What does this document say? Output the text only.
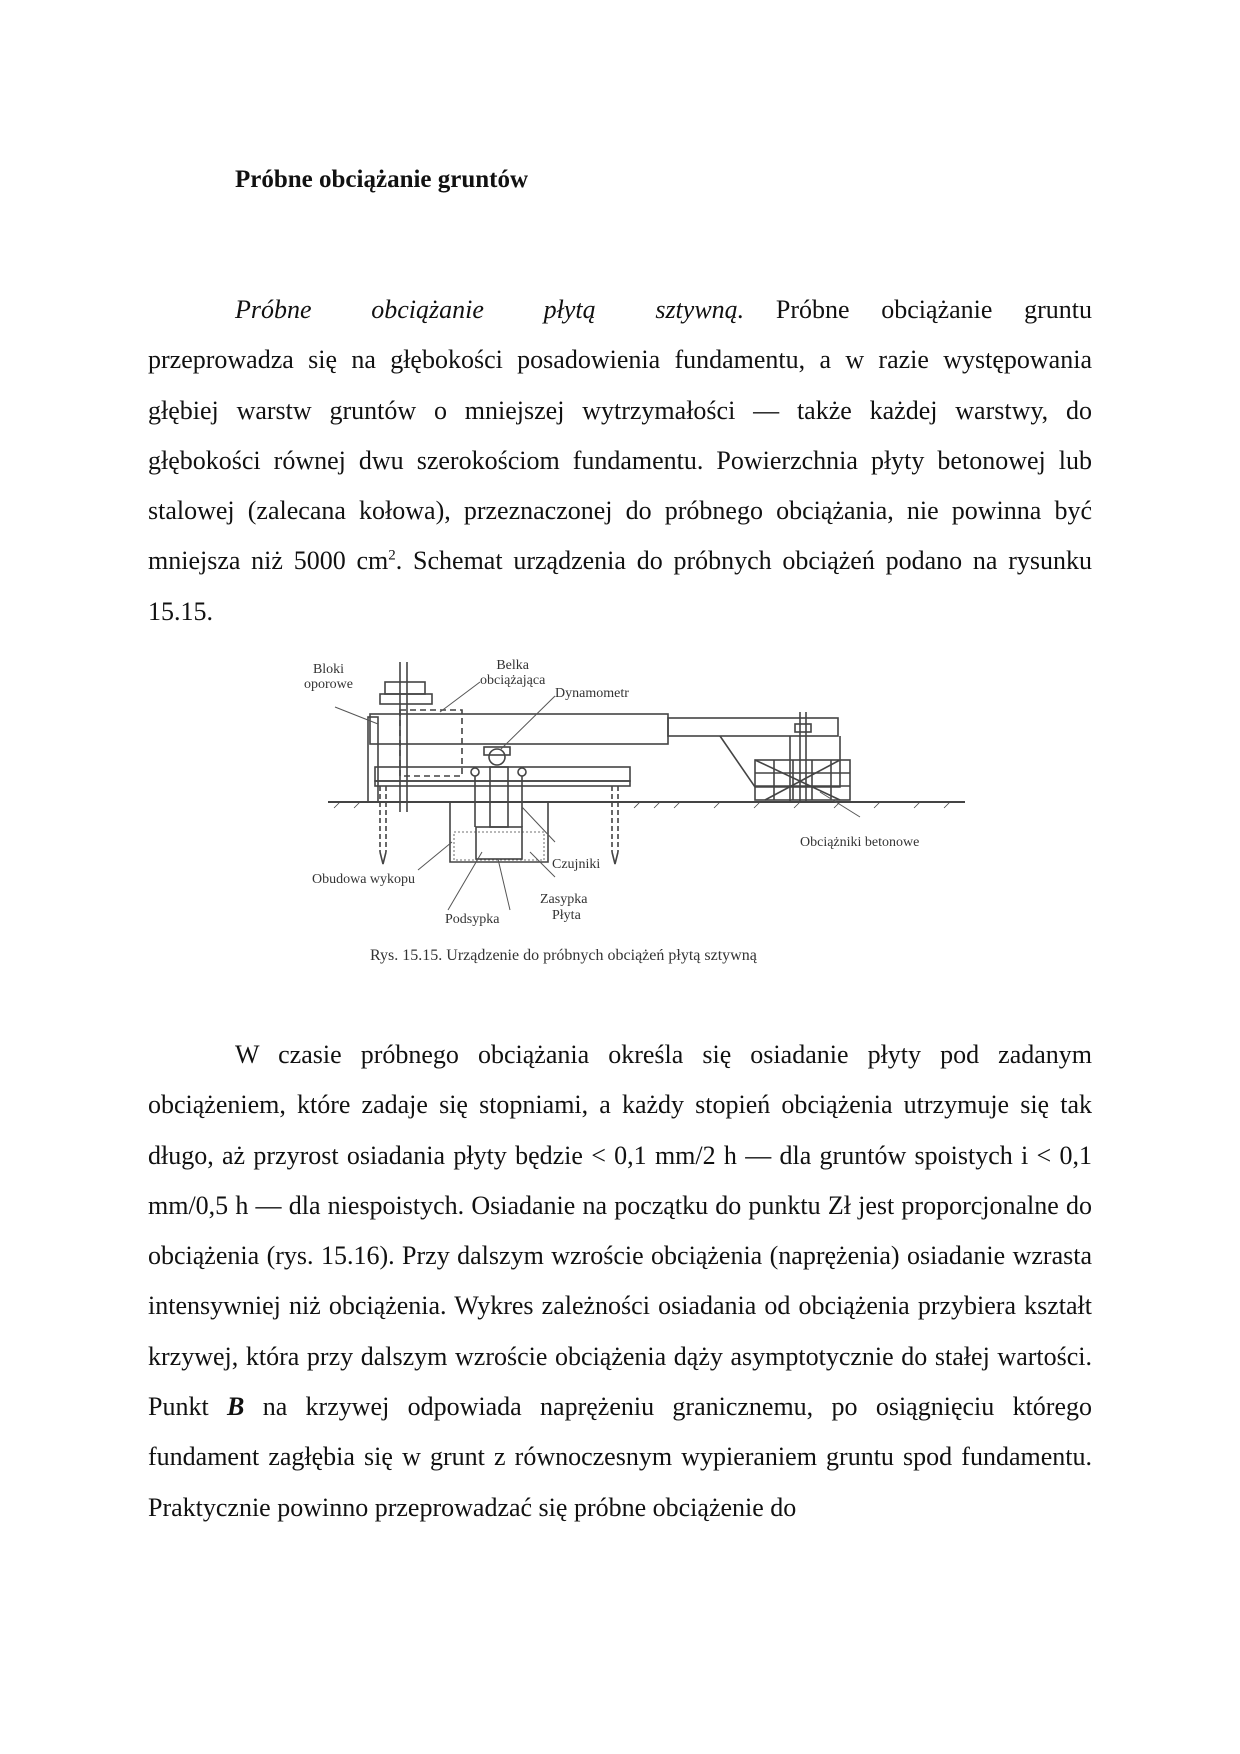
Próbne obciążanie gruntów
Próbne obciążanie płytą sztywną. Próbne obciążanie gruntu przeprowadza się na głębokości posadowienia fundamentu, a w razie występowania głębiej warstw gruntów o mniejszej wytrzymałości — także każdej warstwy, do głębokości równej dwu szerokościom fundamentu. Powierzchnia płyty betonowej lub stalowej (zalecana kołowa), przeznaczonej do próbnego obciążania, nie powinna być mniejsza niż 5000 $cm^2$. Schemat urządzenia do próbnych obciążeń podano na rysunku 15.15.
Bloki
oporowe
Belka
obciążająca
Dynamometr
Obciążniki betonowe
Czujniki
Obudowa wykopu
Zasypka
Podsypka	Płyta
Rys. 15.15. Urządzenie do próbnych obciążeń płytą sztywną
W czasie próbnego obciążania określa się osiadanie płyty pod zadanym obciążeniem, które zadaje się stopniami, a każdy stopień obciążenia utrzymuje się tak długo, aż przyrost osiadania płyty będzie < 0,1 mm/2 h — dla gruntów spoistych i < 0,1 mm/0,5 h — dla niespoistych. Osiadanie na początku do punktu Zł jest proporcjonalne do obciążenia (rys. 15.16). Przy dalszym wzroście obciążenia (naprężenia) osiadanie wzrasta intensywniej niż obciążenia. Wykres zależności osiadania od obciążenia przybiera kształt krzywej, która przy dalszym wzroście obciążenia dąży asymptotycznie do stałej wartości. Punkt B na krzywej odpowiada naprężeniu granicznemu, po osiągnięciu którego fundament zagłębia się w grunt z równoczesnym wypieraniem gruntu spod fundamentu. Praktycznie powinno przeprowadzać się próbne obciążenie do
